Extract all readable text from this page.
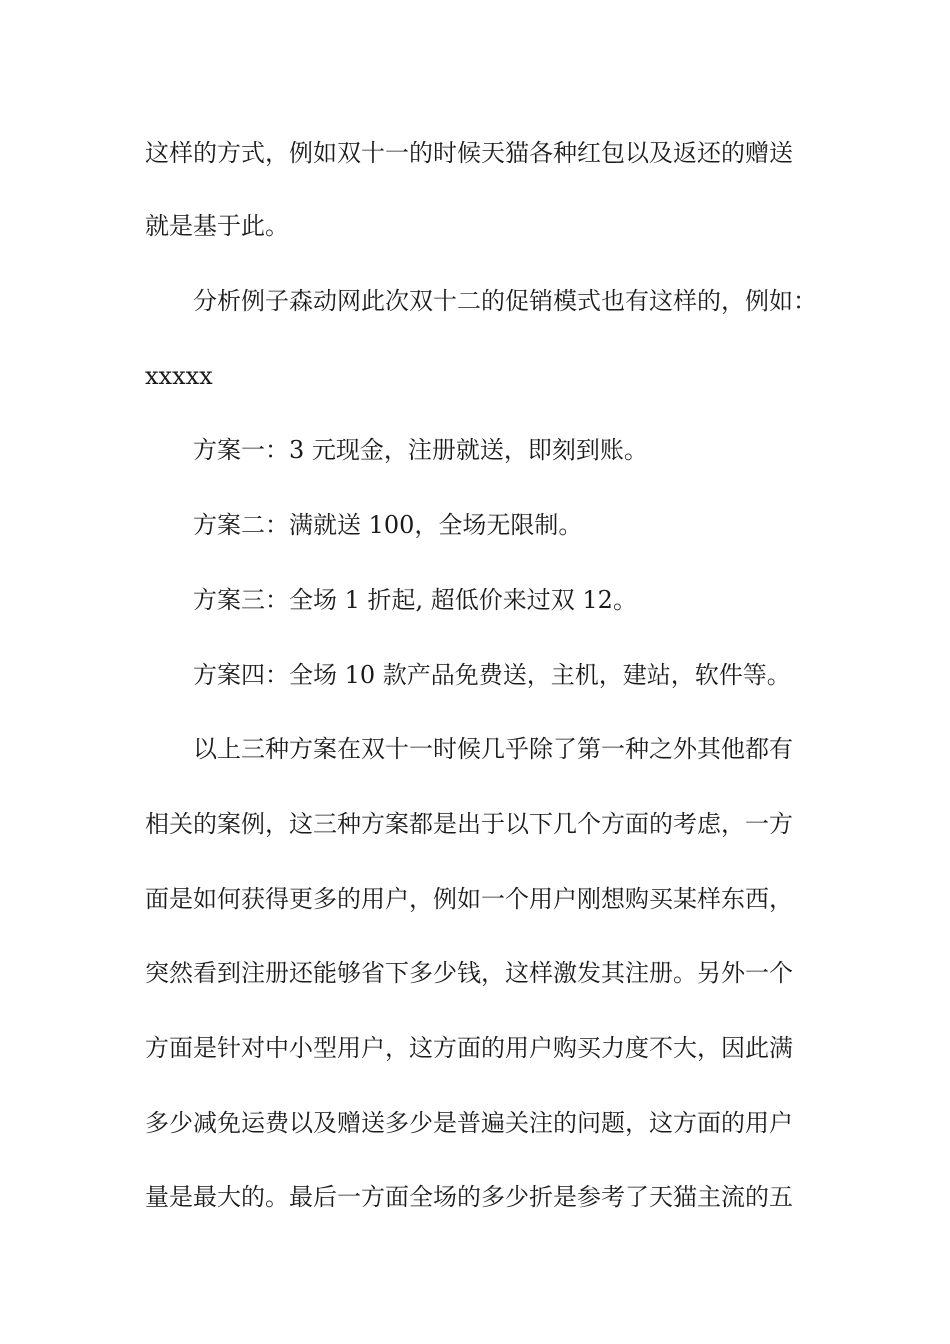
这样的方式，例如双十一的时候天猫各种红包以及返还的赠送
就是基于此。
分析例子森动网此次双十二的促销模式也有这样的，例如：
xxxxx
方案一：3 元现金，注册就送，即刻到账。
方案二：满就送 100，全场无限制。
方案三：全场 1 折起, 超低价来过双 12。
方案四：全场 10 款产品免费送，主机，建站，软件等。
以上三种方案在双十一时候几乎除了第一种之外其他都有
相关的案例，这三种方案都是出于以下几个方面的考虑，一方
面是如何获得更多的用户，例如一个用户刚想购买某样东西，
突然看到注册还能够省下多少钱，这样激发其注册。另外一个
方面是针对中小型用户，这方面的用户购买力度不大，因此满
多少减免运费以及赠送多少是普遍关注的问题，这方面的用户
量是最大的。最后一方面全场的多少折是参考了天猫主流的五
